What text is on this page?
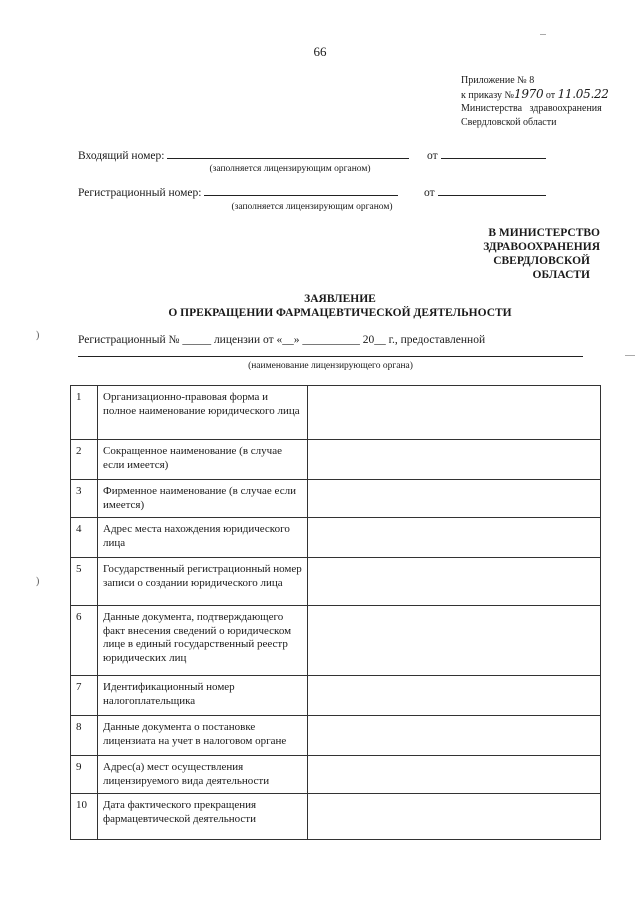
66
Приложение № 8
к приказу №1970 от 11.05.22
Министерства   здравоохранения
Свердловской области
Входящий номер:	от
(заполняется лицензирующим органом)
Регистрационный номер:	от
(заполняется лицензирующим органом)
В МИНИСТЕРСТВО
ЗДРАВООХРАНЕНИЯ
СВЕРДЛОВСКОЙ
ОБЛАСТИ
ЗАЯВЛЕНИЕ
О ПРЕКРАЩЕНИИ ФАРМАЦЕВТИЧЕСКОЙ ДЕЯТЕЛЬНОСТИ
Регистрационный № _____ лицензии от «__» __________ 20__ г., предоставленной
(наименование лицензирующего органа)
)
)
1	Организационно-правовая форма и полное наименование юридического лица	
2	Сокращенное наименование (в случае если имеется)	
3	Фирменное наименование (в случае если имеется)	
4	Адрес места нахождения юридического лица	
5	Государственный регистрационный номер записи о создании юридического лица	
6	Данные документа, подтверждающего факт внесения сведений о юридическом лице в единый государственный реестр юридических лиц	
7	Идентификационный номер налогоплательщика	
8	Данные документа о постановке лицензиата на учет в налоговом органе	
9	Адрес(а) мест осуществления лицензируемого вида деятельности	
10	Дата фактического прекращения фармацевтической деятельности	
